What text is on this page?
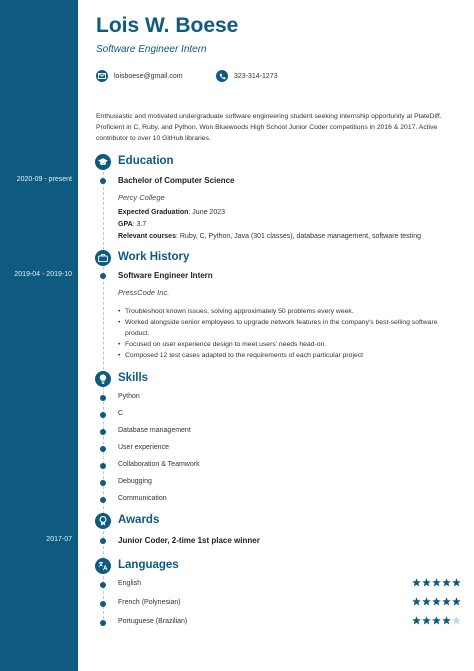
2020-09 - present
2019-04 - 2019-10
2017-07
Lois W. Boese
Software Engineer Intern
loisboese@gmail.com	323-314-1273

Enthusiastic and motivated undergraduate software engineering student seeking internship opportunity at PlateDiff. Proficient in C, Ruby, and Python. Won Bluewoods High School Junior Coder competitions in 2016 & 2017. Active contributor to over 10 GitHub libraries.

Education
Bachelor of Computer Science
Percy College
Expected Graduation: June 2023
GPA: 3.7
Relevant courses: Ruby, C, Python, Java (301 classes), database management, software testing
Work History
Software Engineer Intern
PressCode Inc.
• Troubleshoot known issues, solving approximately 50 problems every week.
• Worked alongside senior employees to upgrade network features in the company's best-selling software product.
• Focused on user experience design to meet users' needs head-on.
• Composed 12 test cases adapted to the requirements of each particular project
Skills
Python
C
Database management
User experience
Collaboration & Teamwork
Debugging
Communication
Awards
Junior Coder, 2-time 1st place winner
Languages
English
French (Polynesian)
Portuguese (Brazilian)
